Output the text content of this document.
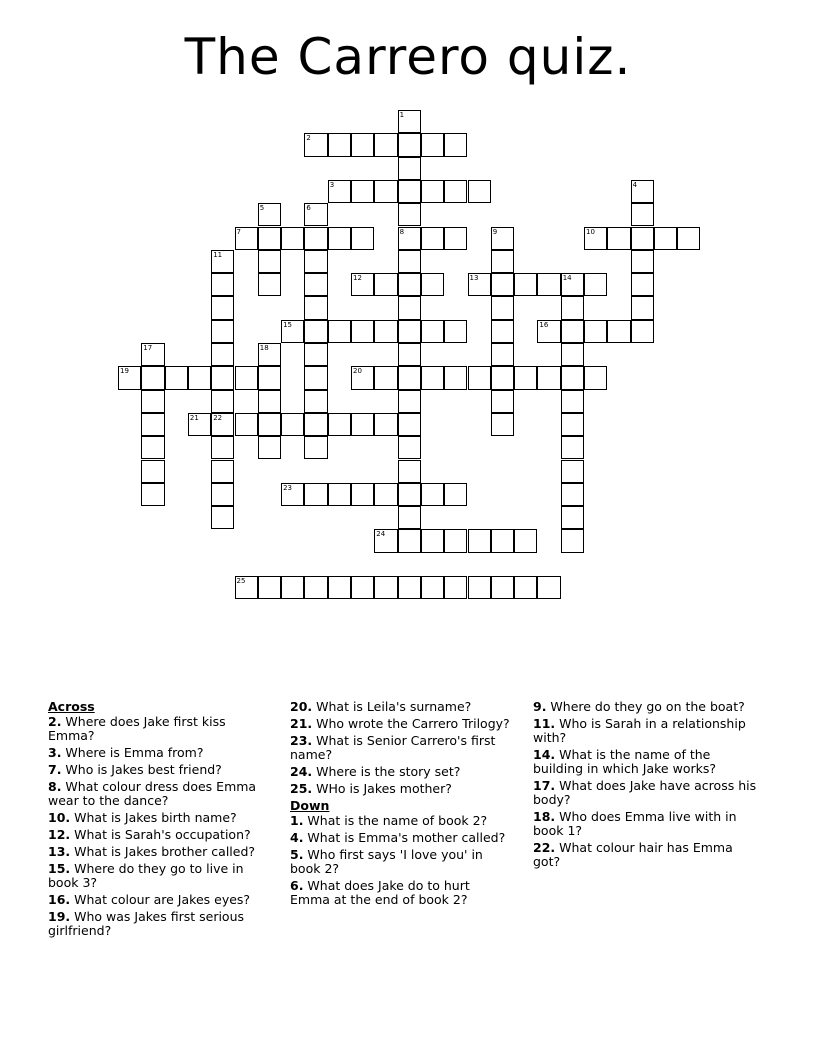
The Carrero quiz.
1
8
2
3	4
5	6
7	9	10
11
22
12	13	14
15	16
17	18
19	20
21
23
24
25
Across
2. Where does Jake first kiss Emma?
3. Where is Emma from?
7. Who is Jakes best friend?
8. What colour dress does Emma wear to the dance?
10. What is Jakes birth name?
12. What is Sarah's occupation?
13. What is Jakes brother called?
15. Where do they go to live in book 3?
16. What colour are Jakes eyes?
19. Who was Jakes first serious girlfriend?
20. What is Leila's surname?
21. Who wrote the Carrero Trilogy?
23. What is Senior Carrero's first name?
24. Where is the story set?
25. WHo is Jakes mother?
Down
1. What is the name of book 2?
4. What is Emma's mother called?
5. Who first says 'I love you' in book 2?
6. What does Jake do to hurt Emma at the end of book 2?
9. Where do they go on the boat?
11. Who is Sarah in a relationship with?
14. What is the name of the building in which Jake works?
17. What does Jake have across his body?
18. Who does Emma live with in book 1?
22. What colour hair has Emma got?
